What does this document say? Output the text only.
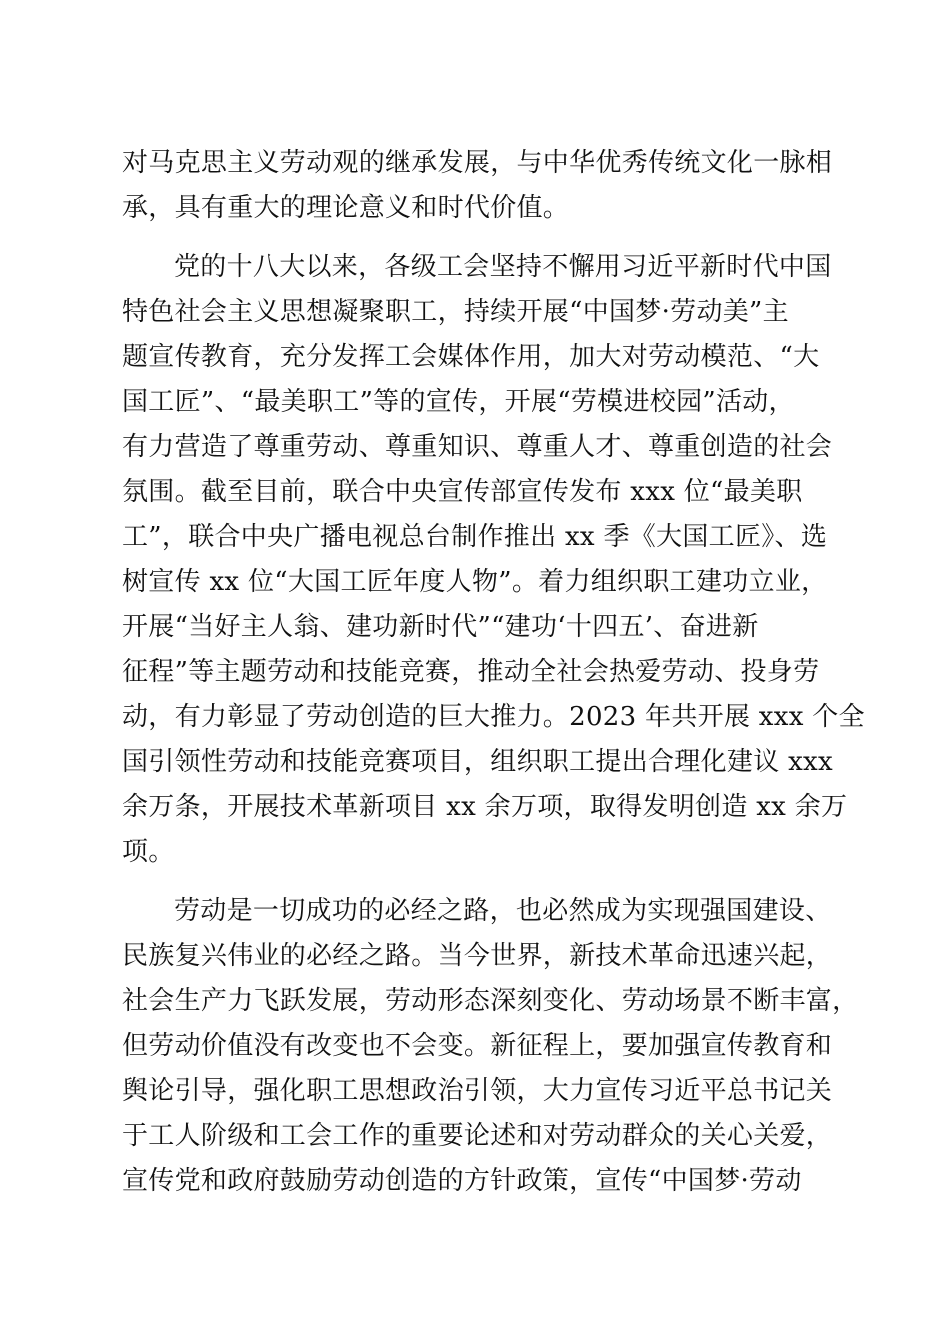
对马克思主义劳动观的继承发展，与中华优秀传统文化一脉相
承，具有重大的理论意义和时代价值。
党的十八大以来，各级工会坚持不懈用习近平新时代中国
特色社会主义思想凝聚职工，持续开展“中国梦·劳动美”主
题宣传教育，充分发挥工会媒体作用，加大对劳动模范、“大
国工匠”、“最美职工”等的宣传，开展“劳模进校园”活动，
有力营造了尊重劳动、尊重知识、尊重人才、尊重创造的社会
氛围。截至目前，联合中央宣传部宣传发布 xxx 位“最美职
工”，联合中央广播电视总台制作推出 xx 季《大国工匠》、选
树宣传 xx 位“大国工匠年度人物”。着力组织职工建功立业，
开展“当好主人翁、建功新时代”“建功‘十四五’、奋进新
征程”等主题劳动和技能竞赛，推动全社会热爱劳动、投身劳
动，有力彰显了劳动创造的巨大推力。2023 年共开展 xxx 个全
国引领性劳动和技能竞赛项目，组织职工提出合理化建议 xxx
余万条，开展技术革新项目 xx 余万项，取得发明创造 xx 余万
项。
劳动是一切成功的必经之路，也必然成为实现强国建设、
民族复兴伟业的必经之路。当今世界，新技术革命迅速兴起，
社会生产力飞跃发展，劳动形态深刻变化、劳动场景不断丰富，
但劳动价值没有改变也不会变。新征程上，要加强宣传教育和
舆论引导，强化职工思想政治引领，大力宣传习近平总书记关
于工人阶级和工会工作的重要论述和对劳动群众的关心关爱，
宣传党和政府鼓励劳动创造的方针政策，宣传“中国梦·劳动
